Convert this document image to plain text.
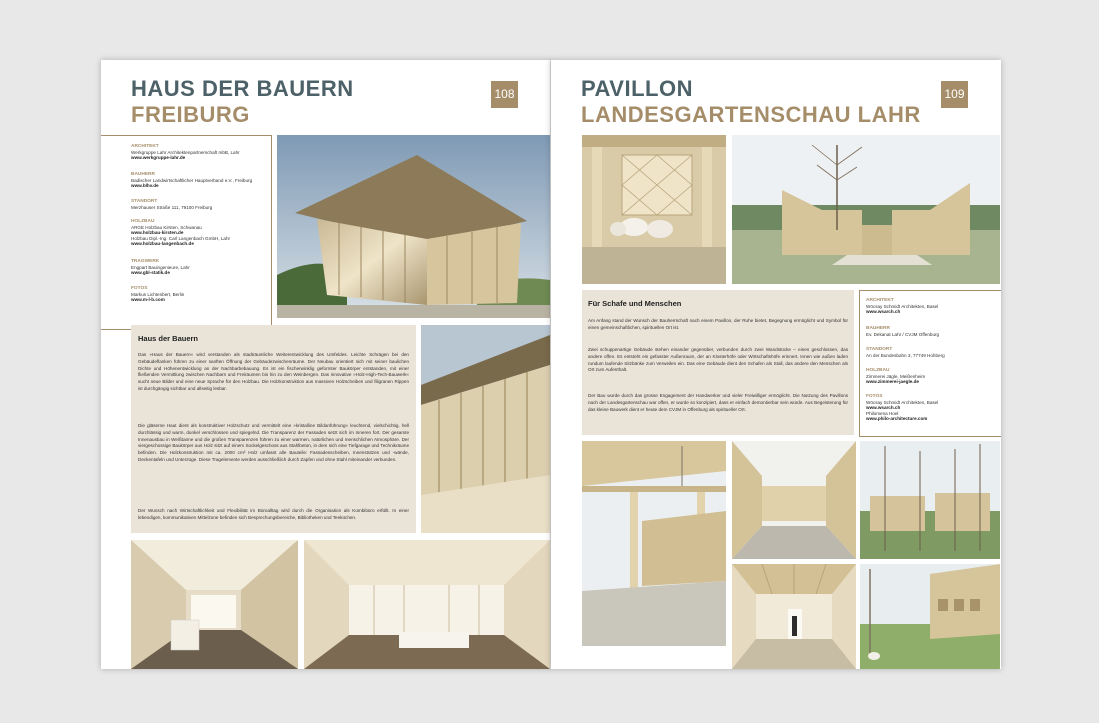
HAUS DER BAUERN
FREIBURG
108
ARCHITEKT
Werkgruppe Lahr Architektenpartnerschaft mbB, Lahr
www.werkgruppe-lahr.de
BAUHERR
Badischer Landwirtschaftlicher Hauptverband e.V., Freiburg
www.blhv.de
STANDORT
Merzhauser Straße 111, 79100 Freiburg
HOLZBAU
ARGE Holzbau Kirsten, Schwanau
www.holzbau-kirsten.de
Holzbau Dipl.-Ing. Carl Langenbach GmbH, Lahr
www.holzbau-langenbach.de
TRAGWERK
Engpart Bauingenieure, Lahr
www.gbl-statik.de
FOTOS
Markus Lichtenbert, Berlin
www.m-l-b.com
Haus der Bauern

Das »Haus der Bauern« wird verstanden als stadträumliche Weiterentwicklung des Umfeldes. Leichte Schrägen bei den Gebäudeflanken führen zu einer sanften Öffnung der Gebäudezwischenräume. Der Neubau orientiert sich mit seiner baulichen Dichte und Höhenentwicklung an der Nachbarbebauung. Es ist ein fischerwinklig geformter Baukörper entstanden, mit einer fließenden Vermittlung zwischen Nachbarn und Freiräumen bis hin zu den Weinbergen. Das innovative »Holz-High-Tech-Bauwerk« sucht neue Bilder und eine neue Sprache für den Holzbau. Die Holzkonstruktion aus massiven Holzscheiben und filigranen Rippen ist durchgängig sichtbar und allseitig lesbar.

Die gläserne Haut dient als konstruktiver Holzschutz und vermittelt eine »kristalline Bildanführung« leuchtend, vielschichtig, hell durchlässig und warm, dunkel verschlossen und spiegelnd. Die Transparenz der Fassaden setzt sich im Inneren fort. Der gesamte Innenausbau in Weißtanne und die großen Transparenzen führen zu einer warmen, natürlichen und menschlichen Atmosphäre. Der viergeschossige Baukörper aus Holz sitzt auf einem Sockelgeschoss aus Stahlbeton, in dem sich eine Tiefgarage und Technikräume befinden. Die Holzkonstruktion mit ca. 2000 cm³ Holz umfasst alle Bauteile: Fassadenscheiben, Innenstützen und -wände, Deckentafeln und Unterzüge. Diese Tragelemente werden ausschließlich durch Zapfen und ohne Stahl miteinander verbunden.

Der Wunsch nach Wirtschaftlichkeit und Flexibilität im Büroalltag wird durch die Organisation als Kombibüro erfüllt. In einer lebendigen, kommunikativen Mittelzone befinden sich Besprechungsbereiche, Bibliotheken und Teeküchen.

PAVILLON
LANDESGARTENSCHAU LAHR
109
Für Schafe und Menschen

Am Anfang stand der Wunsch der Bauherrschaft nach einem Pavillon, der Ruhe bietet, Begegnung ermöglicht und Symbol für einen gemeinschaftlichen, spirituellen Ort ist.

Zwei schuppenartige Gebäude stehen einander gegenüber, verbunden durch zwei Wandstücke – eines geschlossen, das andere offen. Es entsteht ein gefasster Außenraum, der an Klosterhöfe oder Wirtschaftshöfe erinnert. Innen wie außen laden rundum laufende Sitzbänke zum Verweilen ein. Das eine Gebäude dient den Schafen als Stall, das andere den Menschen als Ort zum Aufenthalt.

Der Bau wurde durch das grosse Engagement der Handwerker und vieler Freiwilliger ermöglicht. Die Nutzung des Pavillons nach der Landesgartenschau war offen, er wurde so konzipiert, dass er einfach demontierbar sein würde. Aus Begeisterung für das kleine Bauwerk dient er heute dem CVJM in Offenburg als spiritueller Ort.

ARCHITEKT
Wöcsay Schmidt Architekten, Basel
www.wsarch.ch
BAUHERR
Ev. Dekanat Lahr / CVJM Offenburg
STANDORT
An der Bundesbahn 3, 77749 Hohberg
HOLZBAU
Zimmerei Jägle, Meißenheim
www.zimmerei-jaegle.de
FOTOS
Wöcsay Schmidt Architekten, Basel
www.wsarch.ch
Philomena Hoel
www.philo-architecture.com
